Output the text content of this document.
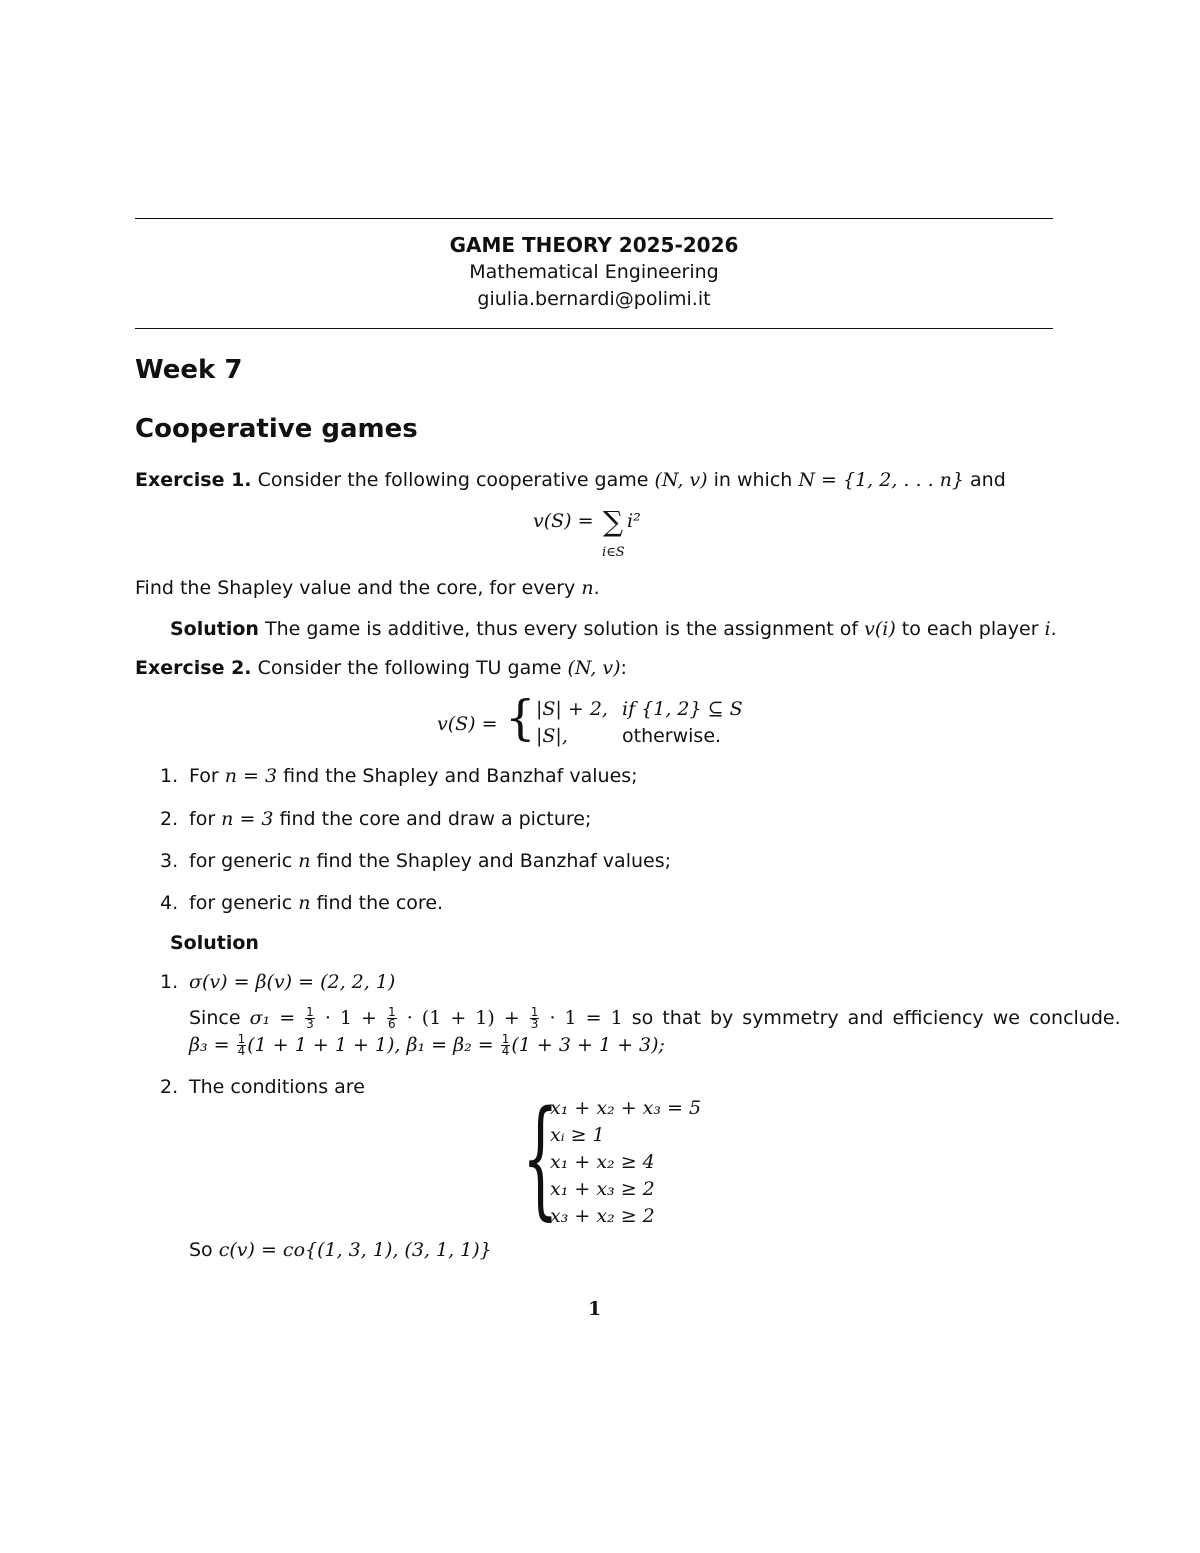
GAME THEORY 2025-2026
Mathematical Engineering
giulia.bernardi@polimi.it
Week 7
Cooperative games
Exercise 1. Consider the following cooperative game (N, v) in which N = {1, 2, . . . n} and
v(S) = ∑ i²
i∈S
Find the Shapley value and the core, for every n.
Solution The game is additive, thus every solution is the assignment of v(i) to each player i.
Exercise 2. Consider the following TU game (N, v):
v(S) = { |S| + 2, if {1, 2} ⊆ S
|S|,	otherwise.
1. For n = 3 find the Shapley and Banzhaf values;
2. for n = 3 find the core and draw a picture;
3. for generic n find the Shapley and Banzhaf values;
4. for generic n find the core.
Solution
1. σ(v) = β(v) = (2, 2, 1)
Since $\sigma_1 = \frac{1}{3} \cdot 1 + \frac{1}{6} \cdot (1 + 1) + \frac{1}{3} \cdot 1 = 1$ so that by symmetry and efficiency we conclude.
$\beta_3 = \frac{1}{4} (1 + 1 + 1 + 1)$, $\beta_1 = \beta_2 = \frac{1}{4} (1 + 3 + 1 + 3)$;
2. The conditions are {
x₁ + x₂ + x₃ = 5
xᵢ ≥ 1
x₁ + x₂ ≥ 4
x₁ + x₃ ≥ 2
x₃ + x₂ ≥ 2
So c(v) = co{(1, 3, 1), (3, 1, 1)}
1
